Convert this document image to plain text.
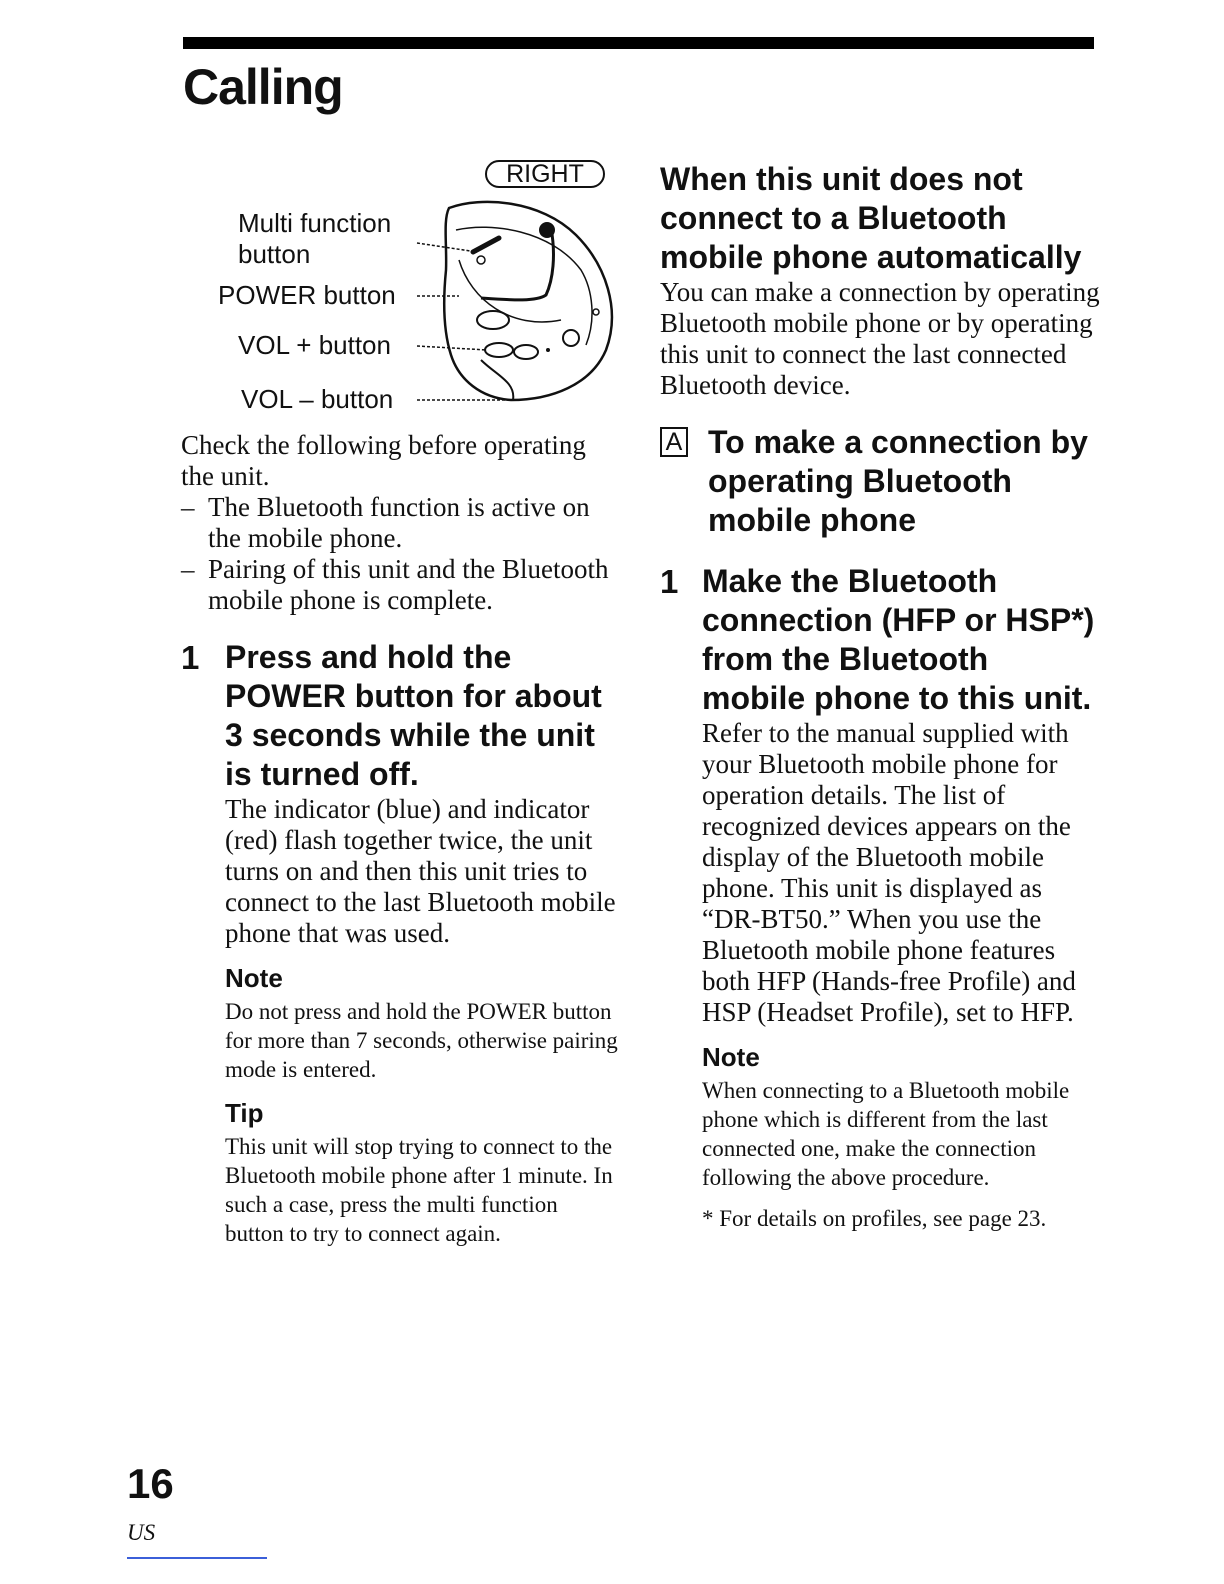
Calling
RIGHT
Multi function
button
POWER button
VOL + button
VOL – button

Check the following before operating the unit.

– The Bluetooth function is active on the mobile phone.
– Pairing of this unit and the Bluetooth mobile phone is complete.
1 Press and hold the POWER button for about 3 seconds while the unit is turned off.

The indicator (blue) and indicator (red) flash together twice, the unit turns on and then this unit tries to connect to the last Bluetooth mobile phone that was used.

Note

Do not press and hold the POWER button for more than 7 seconds, otherwise pairing mode is entered.

Tip

This unit will stop trying to connect to the Bluetooth mobile phone after 1 minute. In such a case, press the multi function button to try to connect again.

When this unit does not connect to a Bluetooth mobile phone automatically

You can make a connection by operating Bluetooth mobile phone or by operating this unit to connect the last connected Bluetooth device.

A To make a connection by operating Bluetooth mobile phone
1 Make the Bluetooth connection (HFP or HSP*) from the Bluetooth mobile phone to this unit.

Refer to the manual supplied with your Bluetooth mobile phone for operation details. The list of recognized devices appears on the display of the Bluetooth mobile phone. This unit is displayed as “DR-BT50.” When you use the Bluetooth mobile phone features both HFP (Hands-free Profile) and HSP (Headset Profile), set to HFP.

Note

When connecting to a Bluetooth mobile phone which is different from the last connected one, make the connection following the above procedure.

* For details on profiles, see page 23.

16
US
